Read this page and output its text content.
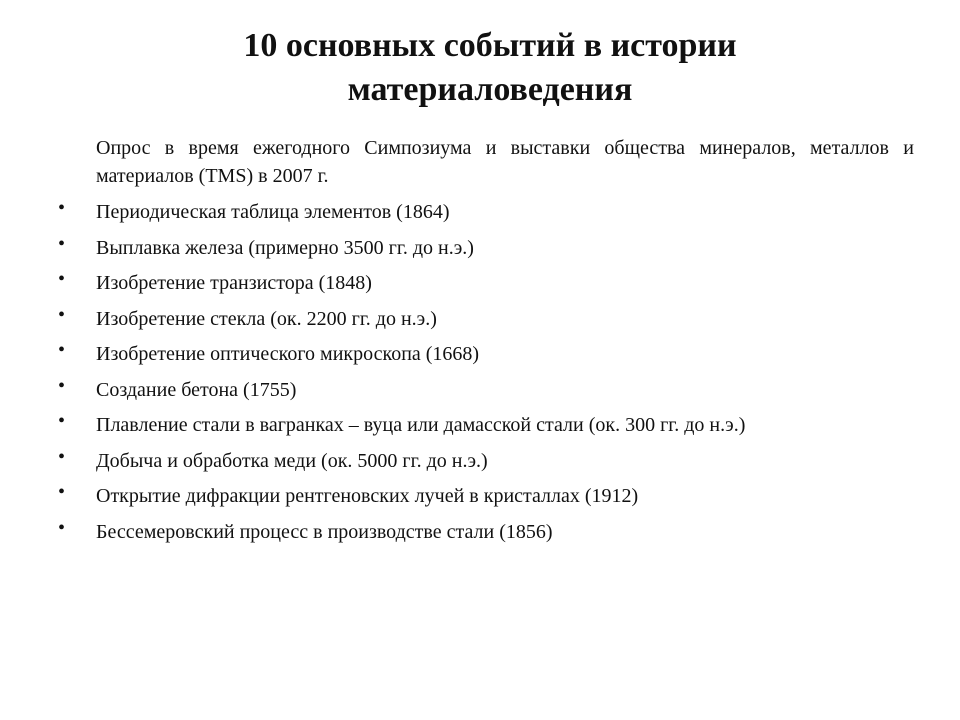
10 основных событий в истории
материаловедения

Опрос в время ежегодного Симпозиума и выставки общества минералов, металлов и материалов (TMS) в 2007 г.

•	Периодическая таблица элементов (1864)
•	Выплавка железа (примерно 3500 гг. до н.э.)
•	Изобретение транзистора (1848)
•	Изобретение стекла (ок. 2200 гг. до н.э.)
•	Изобретение оптического микроскопа (1668)
•	Создание бетона (1755)
•	Плавление стали в вагранках – вуца или дамасской стали (ок. 300 гг. до н.э.)
•	Добыча и обработка меди (ок. 5000 гг. до н.э.)
•	Открытие дифракции рентгеновских лучей в кристаллах (1912)
•	Бессемеровский процесс в производстве стали (1856)
